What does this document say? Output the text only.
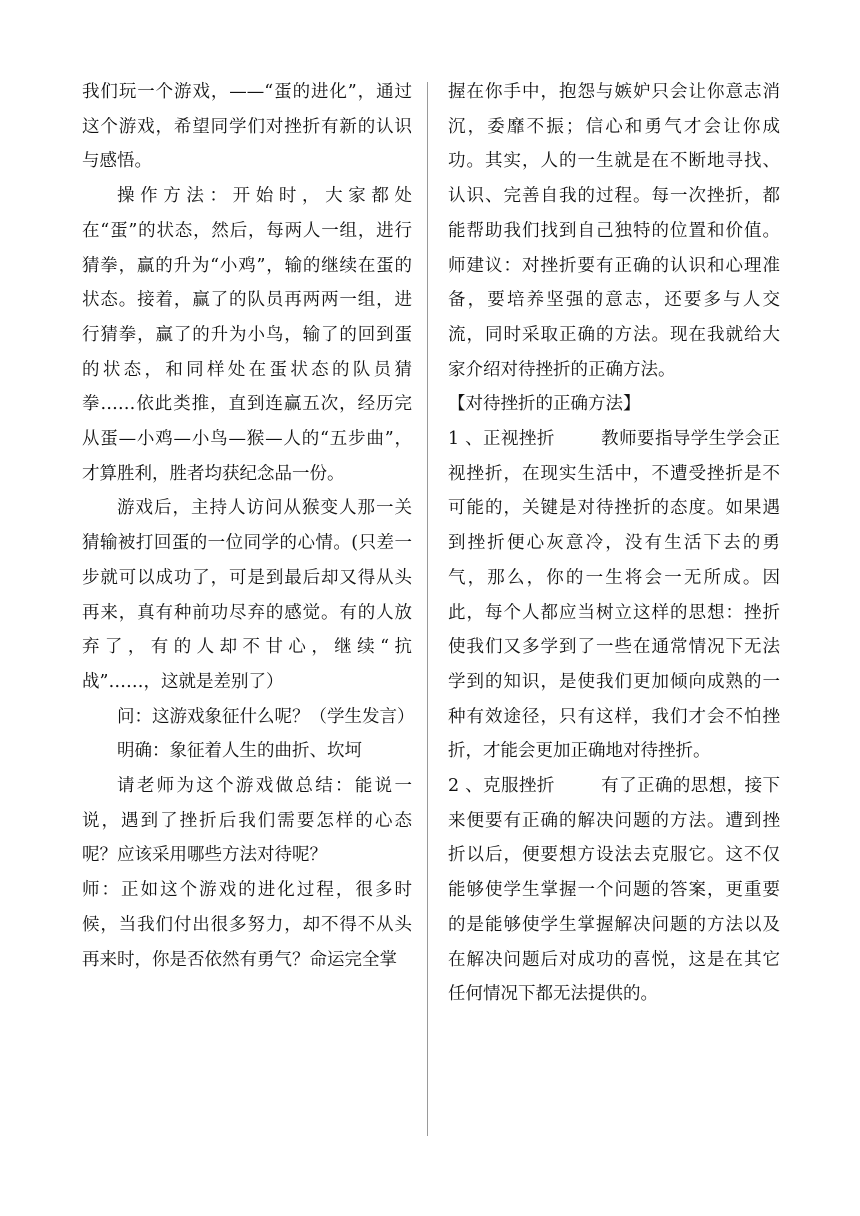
我们玩一个游戏，——“蛋的进化”，通过这个游戏，希望同学们对挫折有新的认识与感悟。

操作方法：开始时，大家都处在“蛋”的状态，然后，每两人一组，进行猜拳，赢的升为“小鸡”，输的继续在蛋的状态。接着，赢了的队员再两两一组，进行猜拳，赢了的升为小鸟，输了的回到蛋的状态，和同样处在蛋状态的队员猜拳……依此类推，直到连赢五次，经历完从蛋—小鸡—小鸟—猴—人的“五步曲”，才算胜利，胜者均获纪念品一份。

游戏后，主持人访问从猴变人那一关猜输被打回蛋的一位同学的心情。(只差一步就可以成功了，可是到最后却又得从头再来，真有种前功尽弃的感觉。有的人放弃了，有的人却不甘心，继续“抗战”……，这就是差别了）

问：这游戏象征什么呢？（学生发言）

明确：象征着人生的曲折、坎坷

请老师为这个游戏做总结：能说一说，遇到了挫折后我们需要怎样的心态呢？应该采用哪些方法对待呢？

师：正如这个游戏的进化过程，很多时候，当我们付出很多努力，却不得不从头再来时，你是否依然有勇气？命运完全掌

握在你手中，抱怨与嫉妒只会让你意志消沉，委靡不振；信心和勇气才会让你成功。其实，人的一生就是在不断地寻找、认识、完善自我的过程。每一次挫折，都能帮助我们找到自己独特的位置和价值。师建议：对挫折要有正确的认识和心理准备，要培养坚强的意志，还要多与人交流，同时采取正确的方法。现在我就给大家介绍对待挫折的正确方法。

【对待挫折的正确方法】

1 、正视挫折	教师要指导学生学会正视挫折，在现实生活中，不遭受挫折是不可能的，关键是对待挫折的态度。如果遇到挫折便心灰意冷，没有生活下去的勇气，那么，你的一生将会一无所成。因此，每个人都应当树立这样的思想：挫折使我们又多学到了一些在通常情况下无法学到的知识，是使我们更加倾向成熟的一种有效途径，只有这样，我们才会不怕挫折，才能会更加正确地对待挫折。

2 、克服挫折	有了正确的思想，接下来便要有正确的解决问题的方法。遭到挫折以后，便要想方设法去克服它。这不仅能够使学生掌握一个问题的答案，更重要的是能够使学生掌握解决问题的方法以及在解决问题后对成功的喜悦，这是在其它任何情况下都无法提供的。
